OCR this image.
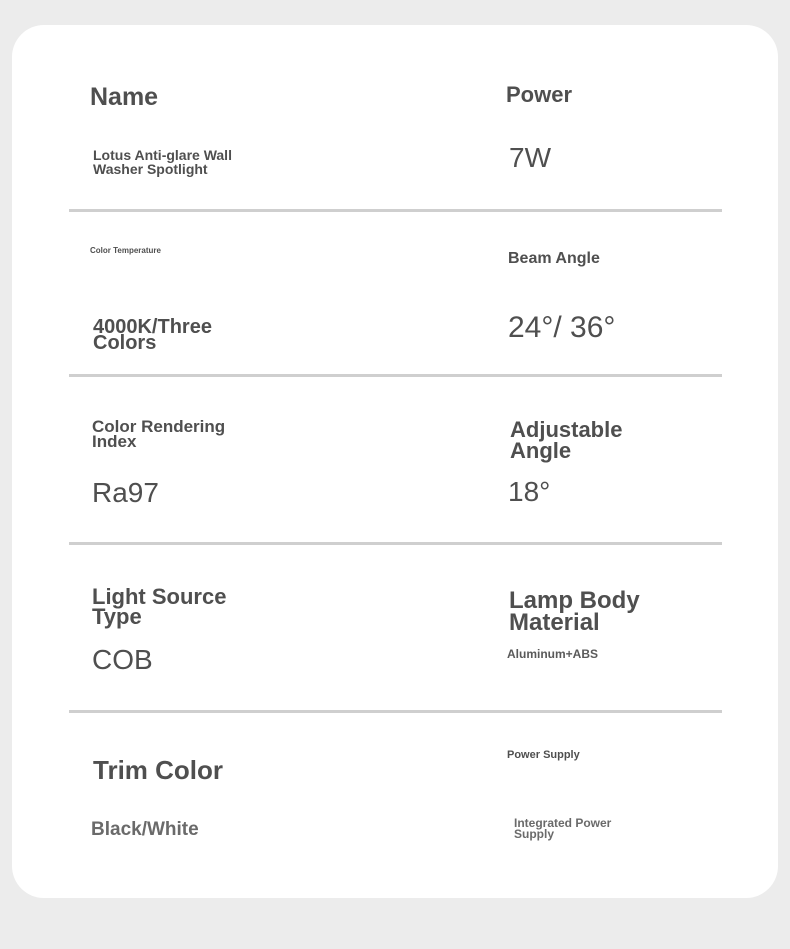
Name
Lotus Anti-glare Wall
Washer Spotlight
Power
7W
Color Temperature
4000K/Three
Colors
Beam Angle
24°/ 36°
Color Rendering
Index
Ra97
Adjustable
Angle
18°
Light Source
Type
COB
Lamp Body
Material
Aluminum+ABS
Trim Color
Black/White
Power Supply
Integrated Power
Supply
